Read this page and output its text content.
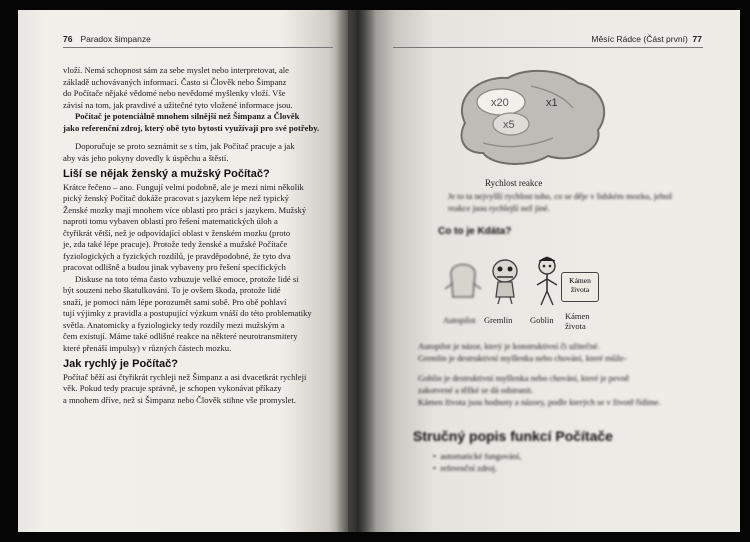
76 Paradox šimpanze

vloží. Nemá schopnost sám za sebe myslet nebo interpretovat, ale

základě uchovávaných informací. Často si Člověk nebo Šimpanz

do Počítače nějaké vědomé nebo nevědomé myšlenky vloží. Vše

závisí na tom, jak pravdivé a užitečné tyto vložené informace jsou.

Počítač je potenciálně mnohem silnější než Šimpanz a Člověk

jako referenční zdroj, který obě tyto bytosti využívají pro své potřeby.

Doporučuje se proto seznámit se s tím, jak Počítač pracuje a jak

aby vás jeho pokyny dovedly k úspěchu a štěstí.

Liší se nějak ženský a mužský Počítač?

Krátce řečeno – ano. Fungují velmi podobně, ale je mezi nimi několik

pický ženský Počítač dokáže pracovat s jazykem lépe než typický

Ženské mozky mají mnohem více oblastí pro práci s jazykem. Mužský

naproti tomu vybaven oblastí pro řešení matematických úloh a

čtyřikrát větší, než je odpovídající oblast v ženském mozku (proto

je, zda také lépe pracuje). Protože tedy ženské a mužské Počítače

fyziologických a fyzických rozdílů, je pravděpodobné, že tyto dva

pracovat odlišně a budou jinak vybaveny pro řešení specifických

Diskuse na toto téma často vzbuzuje velké emoce, protože lidé si

být souzeni nebo škatulkováni. To je ovšem škoda, protože lidé

snaží, je pomoci nám lépe porozumět sami sobě. Pro obě pohlaví

tují výjimky z pravidla a postupující výzkum vnáší do této problematiky

světla. Anatomicky a fyziologicky tedy rozdíly mezi mužským a

čem existují. Máme také odlišné reakce na některé neurotransmitery

které přenáší impulsy) v různých částech mozku.

Jak rychlý je Počítač?

Počítač běží asi čtyřikrát rychleji než Šimpanz a asi dvacetkrát rychleji

věk. Pokud tedy pracuje správně, je schopen vykonávat příkazy

a mnohem dříve, než si Šimpanz nebo Člověk stihne vše promyslet.

Měsíc Rádce (Část první) 77
x20	x1
x5
Rychlost reakce
Je to ta nejvyšší rychlost toho, co se děje v lidském mozku, jehož
reakce jsou rychlejší než jiné.
Co to je Kdáta?
Kámen života
Autopilot Gremlin Goblin Kámen života
Autopilot je názor, který je konstruktivní či užitečné.
Gremlin je destruktivní myšlenka nebo chování, které může-
Goblin je destruktivní myšlenka nebo chování, které je pevně
zakotvené a těžké se dá odstranit.
Kámen života jsou hodnoty a názory, podle kterých se v životě řídíme.
Stručný popis funkcí Počítače
•  automatické fungování,
•  referenční zdroj.
